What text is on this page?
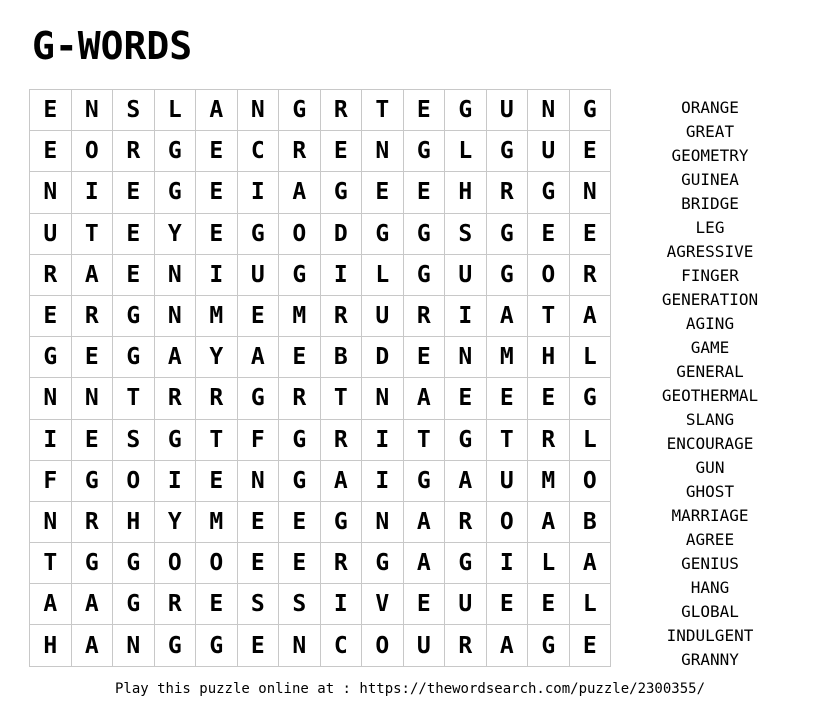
G-WORDS
E	N	S	L	A	N	G	R	T	E	G	U	N	G
E	O	R	G	E	C	R	E	N	G	L	G	U	E
N	I	E	G	E	I	A	G	E	E	H	R	G	N
U	T	E	Y	E	G	O	D	G	G	S	G	E	E
R	A	E	N	I	U	G	I	L	G	U	G	O	R
E	R	G	N	M	E	M	R	U	R	I	A	T	A
G	E	G	A	Y	A	E	B	D	E	N	M	H	L
N	N	T	R	R	G	R	T	N	A	E	E	E	G
I	E	S	G	T	F	G	R	I	T	G	T	R	L
F	G	O	I	E	N	G	A	I	G	A	U	M	O
N	R	H	Y	M	E	E	G	N	A	R	O	A	B
T	G	G	O	O	E	E	R	G	A	G	I	L	A
A	A	G	R	E	S	S	I	V	E	U	E	E	L
H	A	N	G	G	E	N	C	O	U	R	A	G	E
ORANGE
GREAT
GEOMETRY
GUINEA
BRIDGE
LEG
AGRESSIVE
FINGER
GENERATION
AGING
GAME
GENERAL
GEOTHERMAL
SLANG
ENCOURAGE
GUN
GHOST
MARRIAGE
AGREE
GENIUS
HANG
GLOBAL
INDULGENT
GRANNY
Play this puzzle online at : https://thewordsearch.com/puzzle/2300355/
